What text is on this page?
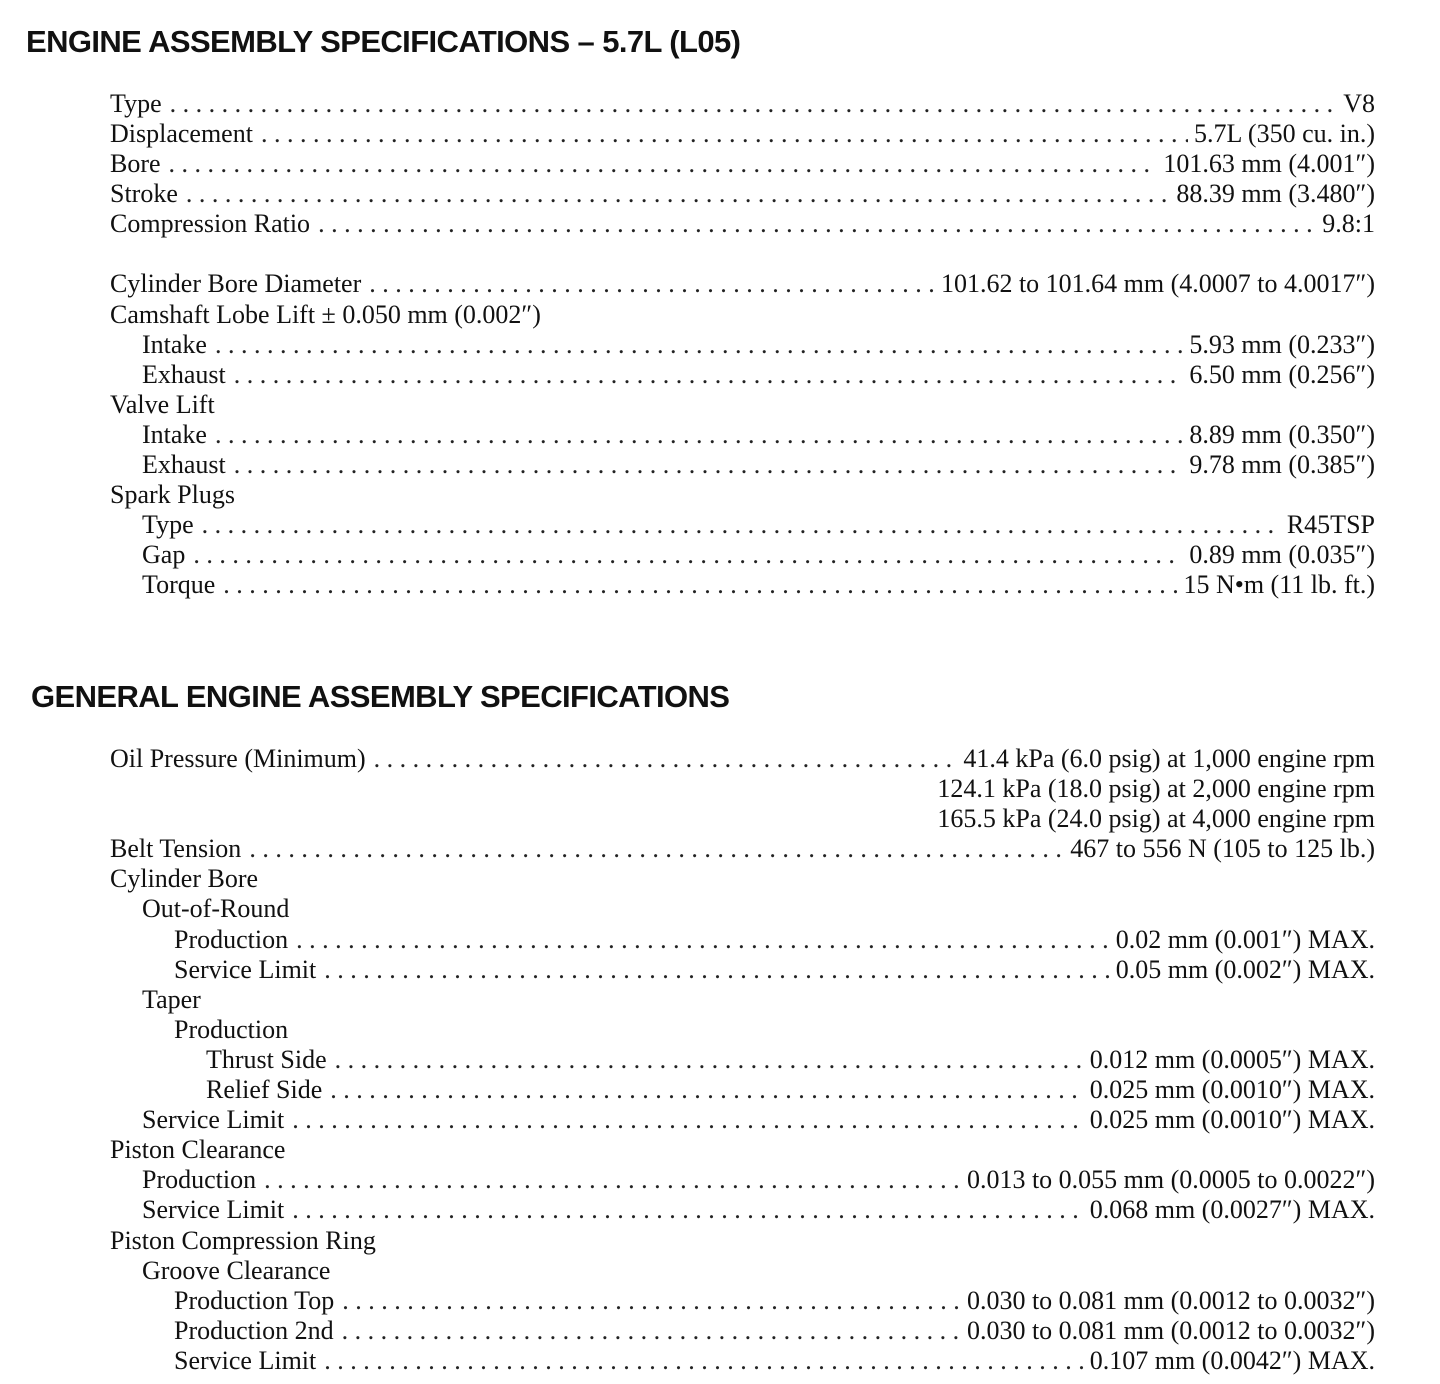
ENGINE ASSEMBLY SPECIFICATIONS – 5.7L (L05)
Type . . .	V8
Displacement . . .	5.7L (350 cu. in.)
Bore . . .	101.63 mm (4.001″)
Stroke . . .	88.39 mm (3.480″)
Compression Ratio . . .	9.8:1
Cylinder Bore Diameter . . .	101.62 to 101.64 mm (4.0007 to 4.0017″)
Camshaft Lobe Lift ± 0.050 mm (0.002″)
Intake . . .	5.93 mm (0.233″)
Exhaust . . .	6.50 mm (0.256″)
Valve Lift
Intake . . .	8.89 mm (0.350″)
Exhaust . . .	9.78 mm (0.385″)
Spark Plugs
Type . . .	R45TSP
Gap . . .	0.89 mm (0.035″)
Torque . . .	15 N•m (11 lb. ft.)
GENERAL ENGINE ASSEMBLY SPECIFICATIONS
Oil Pressure (Minimum) . . .	41.4 kPa (6.0 psig) at 1,000 engine rpm
124.1 kPa (18.0 psig) at 2,000 engine rpm
165.5 kPa (24.0 psig) at 4,000 engine rpm
Belt Tension . . .	467 to 556 N (105 to 125 lb.)
Cylinder Bore
Out-of-Round
Production . . .	0.02 mm (0.001″) MAX.
Service Limit . . .	0.05 mm (0.002″) MAX.
Taper
Production
Thrust Side . . .	0.012 mm (0.0005″) MAX.
Relief Side . . .	0.025 mm (0.0010″) MAX.
Service Limit . . .	0.025 mm (0.0010″) MAX.
Piston Clearance
Production . . .	0.013 to 0.055 mm (0.0005 to 0.0022″)
Service Limit . . .	0.068 mm (0.0027″) MAX.
Piston Compression Ring
Groove Clearance
Production Top . . .	0.030 to 0.081 mm (0.0012 to 0.0032″)
Production 2nd . . .	0.030 to 0.081 mm (0.0012 to 0.0032″)
Service Limit . . .	0.107 mm (0.0042″) MAX.
